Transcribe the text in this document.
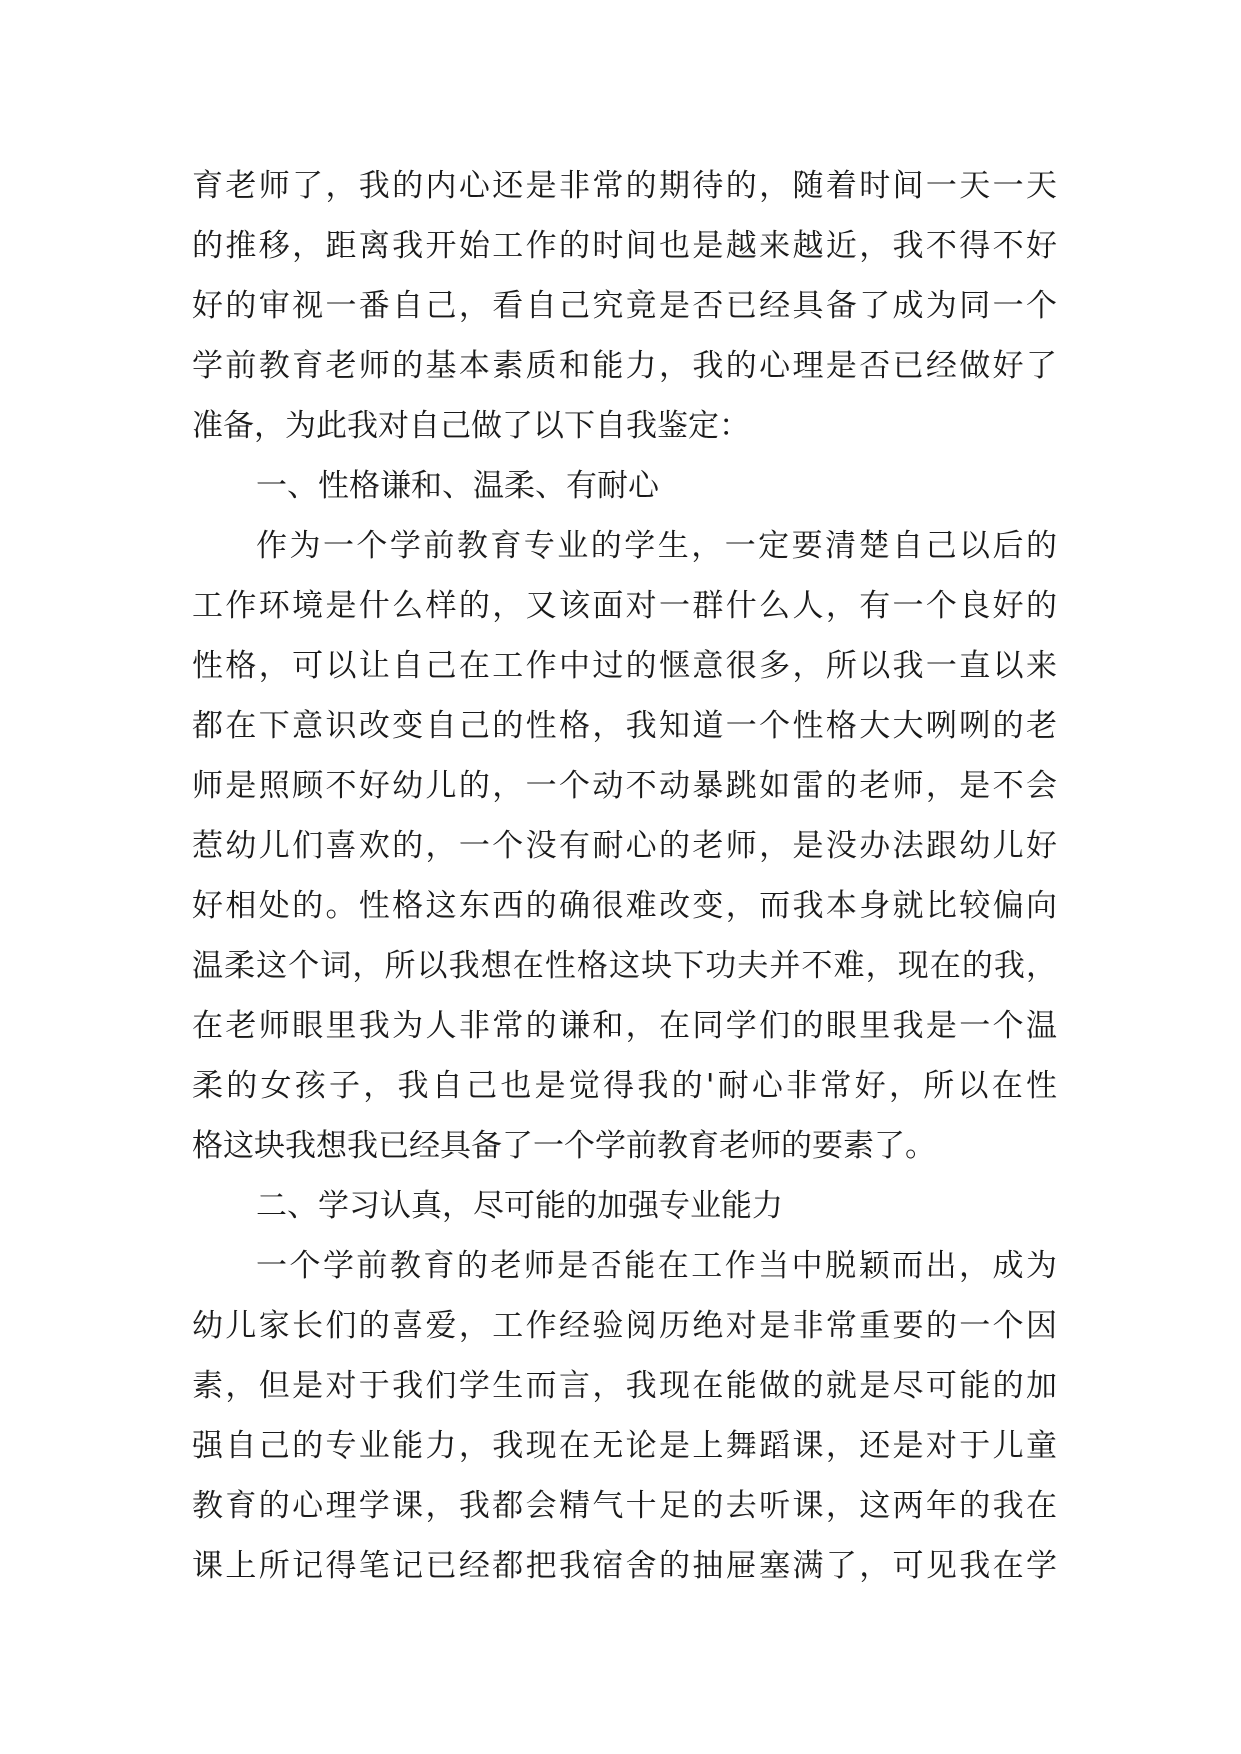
育老师了，我的内心还是非常的期待的，随着时间一天一天
的推移，距离我开始工作的时间也是越来越近，我不得不好
好的审视一番自己，看自己究竟是否已经具备了成为同一个
学前教育老师的基本素质和能力，我的心理是否已经做好了
准备，为此我对自己做了以下自我鉴定：
一、性格谦和、温柔、有耐心
作为一个学前教育专业的学生，一定要清楚自己以后的
工作环境是什么样的，又该面对一群什么人，有一个良好的
性格，可以让自己在工作中过的惬意很多，所以我一直以来
都在下意识改变自己的性格，我知道一个性格大大咧咧的老
师是照顾不好幼儿的，一个动不动暴跳如雷的老师，是不会
惹幼儿们喜欢的，一个没有耐心的老师，是没办法跟幼儿好
好相处的。性格这东西的确很难改变，而我本身就比较偏向
温柔这个词，所以我想在性格这块下功夫并不难，现在的我，
在老师眼里我为人非常的谦和，在同学们的眼里我是一个温
柔的女孩子，我自己也是觉得我的'耐心非常好，所以在性
格这块我想我已经具备了一个学前教育老师的要素了。
二、学习认真，尽可能的加强专业能力
一个学前教育的老师是否能在工作当中脱颖而出，成为
幼儿家长们的喜爱，工作经验阅历绝对是非常重要的一个因
素，但是对于我们学生而言，我现在能做的就是尽可能的加
强自己的专业能力，我现在无论是上舞蹈课，还是对于儿童
教育的心理学课，我都会精气十足的去听课，这两年的我在
课上所记得笔记已经都把我宿舍的抽屉塞满了，可见我在学
